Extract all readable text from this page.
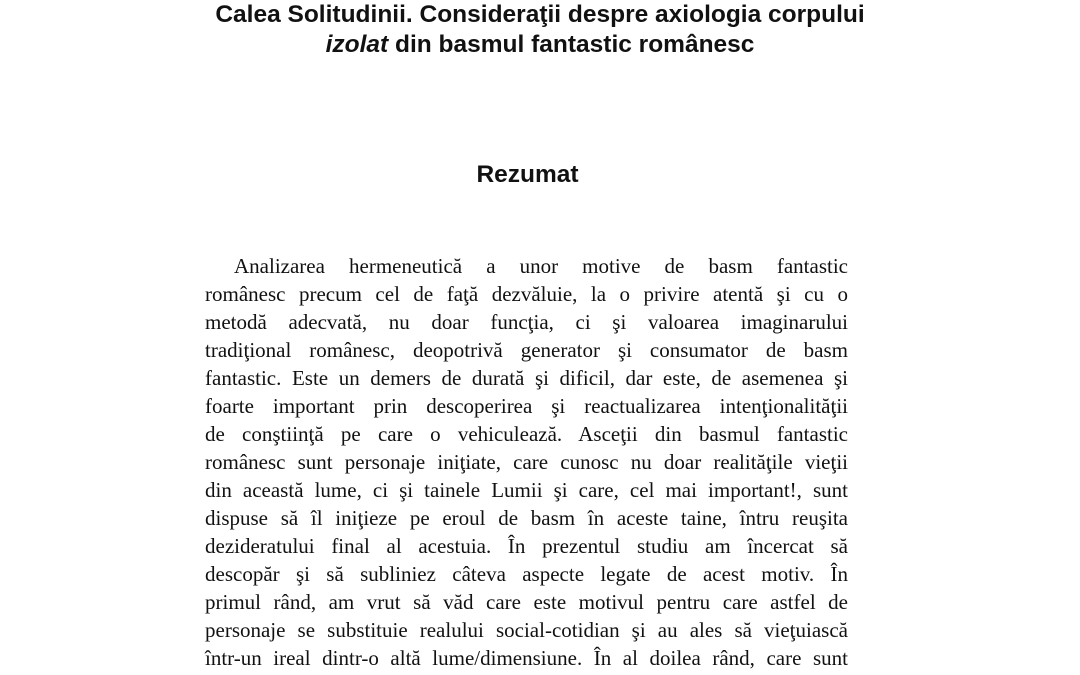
Calea Solitudinii. Consideraţii despre axiologia corpului
izolat din basmul fantastic românesc
Rezumat
Analizarea hermeneutică a unor motive de basm fantastic
românesc precum cel de faţă dezvăluie, la o privire atentă şi cu o
metodă adecvată, nu doar funcţia, ci şi valoarea imaginarului
tradiţional românesc, deopotrivă generator şi consumator de basm
fantastic. Este un demers de durată şi dificil, dar este, de asemenea şi
foarte important prin descoperirea şi reactualizarea intenţionalităţii
de conştiinţă pe care o vehiculează. Asceţii din basmul fantastic
românesc sunt personaje iniţiate, care cunosc nu doar realităţile vieţii
din această lume, ci şi tainele Lumii şi care, cel mai important!, sunt
dispuse să îl iniţieze pe eroul de basm în aceste taine, întru reuşita
dezideratului final al acestuia. În prezentul studiu am încercat să
descopăr şi să subliniez câteva aspecte legate de acest motiv. În
primul rând, am vrut să văd care este motivul pentru care astfel de
personaje se substituie realului social-cotidian şi au ales să vieţuiască
într-un ireal dintr-o altă lume/dimensiune. În al doilea rând, care sunt
